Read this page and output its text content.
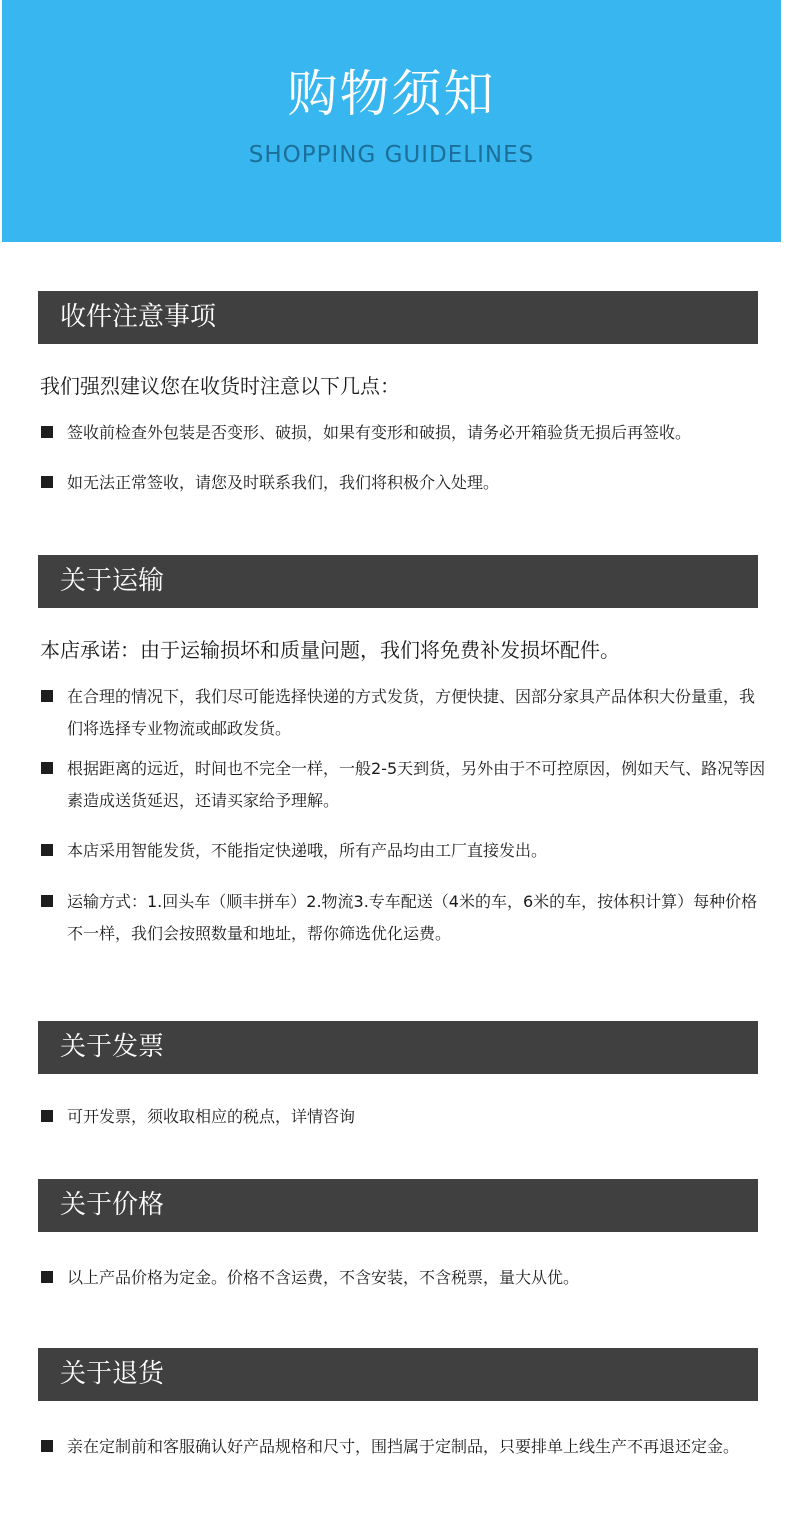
购物须知
SHOPPING GUIDELINES
收件注意事项
我们强烈建议您在收货时注意以下几点：
签收前检查外包装是否变形、破损，如果有变形和破损，请务必开箱验货无损后再签收。
如无法正常签收，请您及时联系我们，我们将积极介入处理。
关于运输
本店承诺：由于运输损坏和质量问题，我们将免费补发损坏配件。
在合理的情况下，我们尽可能选择快递的方式发货，方便快捷、因部分家具产品体积大份量重，我们将选择专业物流或邮政发货。
根据距离的远近，时间也不完全一样，一般2-5天到货，另外由于不可控原因，例如天气、路况等因素造成送货延迟，还请买家给予理解。
本店采用智能发货，不能指定快递哦，所有产品均由工厂直接发出。
运输方式：1.回头车（顺丰拼车）2.物流3.专车配送（4米的车，6米的车，按体积计算）每种价格不一样，我们会按照数量和地址，帮你筛选优化运费。
关于发票
可开发票，须收取相应的税点，详情咨询
关于价格
以上产品价格为定金。价格不含运费，不含安装，不含税票，量大从优。
关于退货
亲在定制前和客服确认好产品规格和尺寸，围挡属于定制品，只要排单上线生产不再退还定金。
